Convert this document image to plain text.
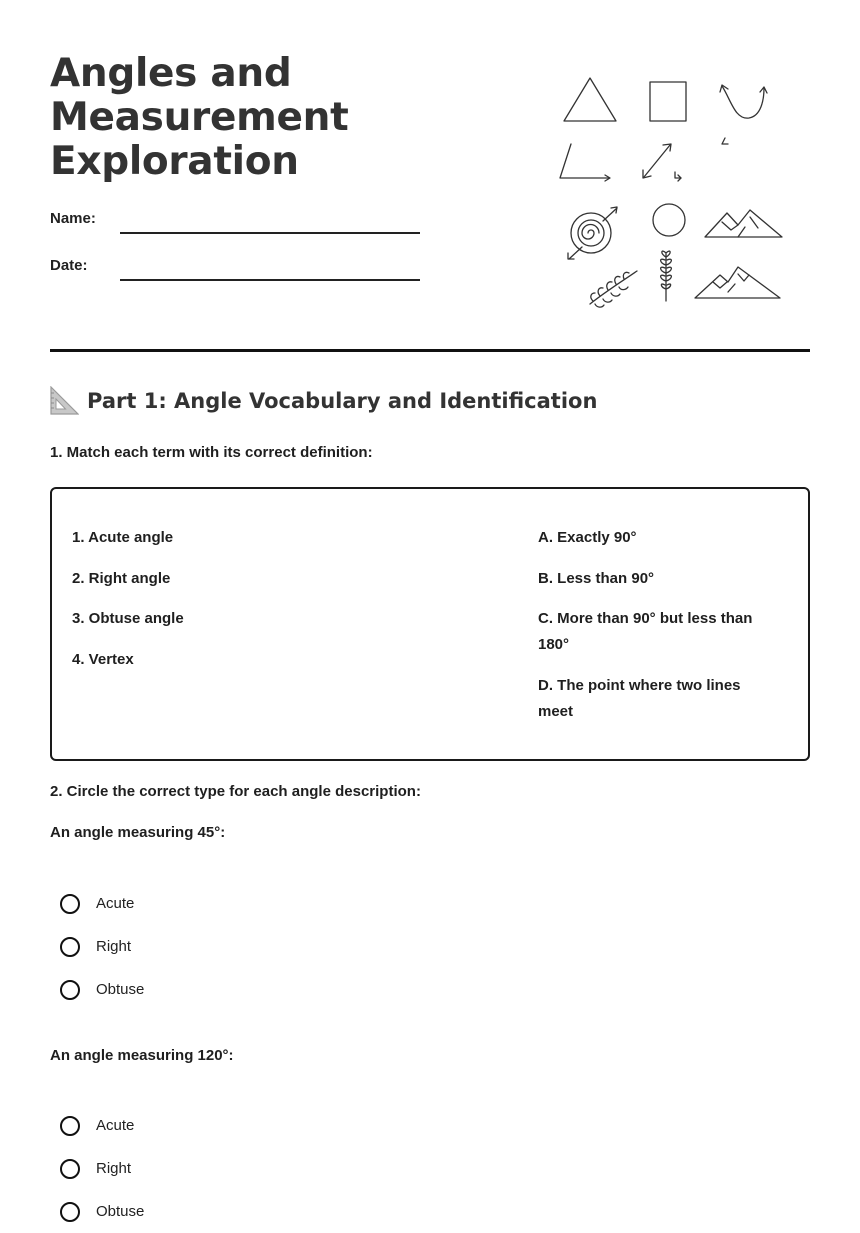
Angles and
Measurement
Exploration
Name:
Date:
Part 1: Angle Vocabulary and Identification
1. Match each term with its correct definition:
1. Acute angle
2. Right angle
3. Obtuse angle
4. Vertex
A. Exactly 90°
B. Less than 90°
C. More than 90° but less than 180°
D. The point where two lines meet
2. Circle the correct type for each angle description:
An angle measuring 45°:
Acute
Right
Obtuse
An angle measuring 120°:
Acute
Right
Obtuse
